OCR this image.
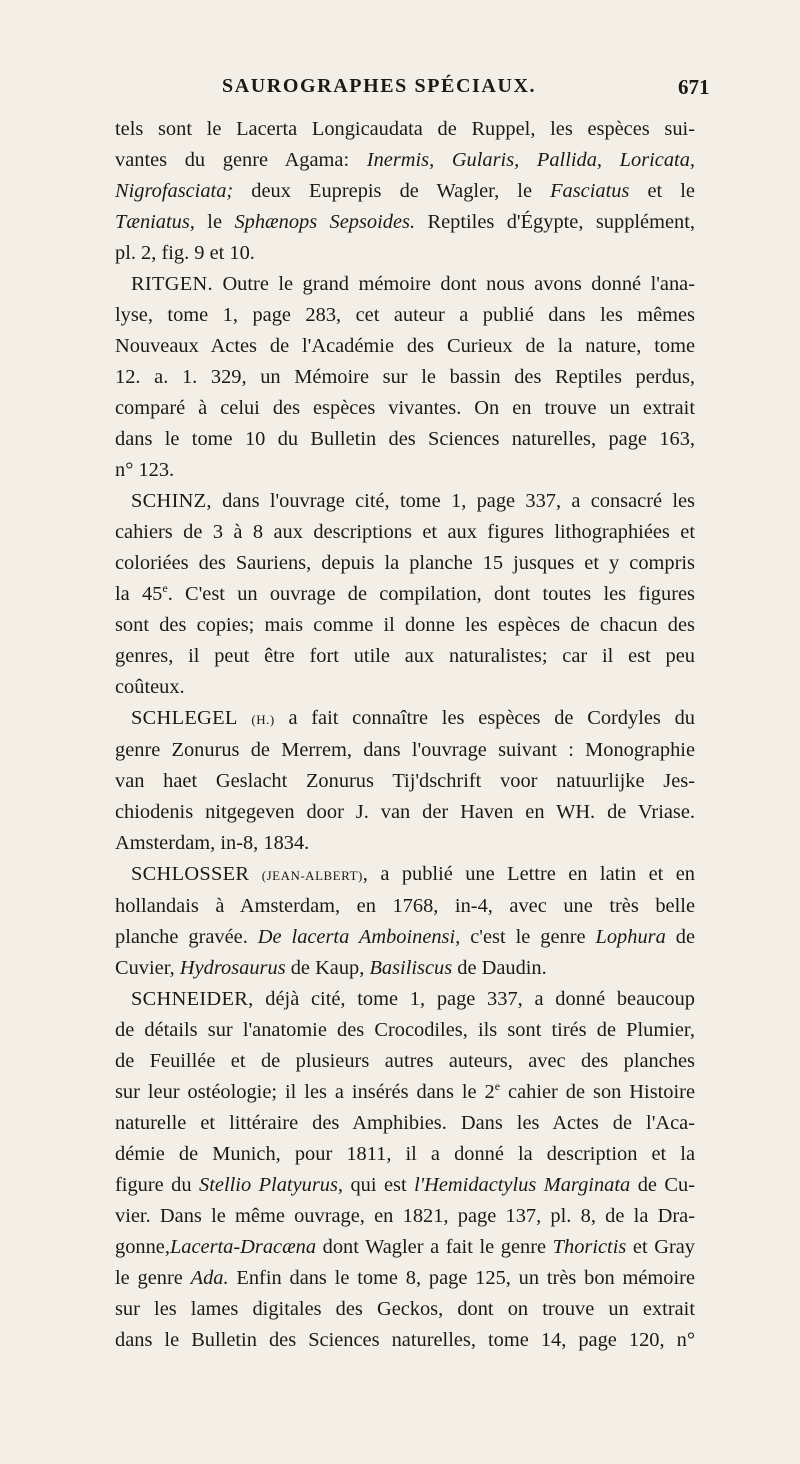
SAUROGRAPHES SPÉCIAUX.	671
tels sont le Lacerta Longicaudata de Ruppel, les espèces sui-
vantes du genre Agama: Inermis, Gularis, Pallida, Loricata,
Nigrofasciata; deux Euprepis de Wagler, le Fasciatus et le
Tæniatus, le Sphænops Sepsoides. Reptiles d'Égypte, supplément,
pl. 2, fig. 9 et 10.
RITGEN. Outre le grand mémoire dont nous avons donné l'ana-
lyse, tome 1, page 283, cet auteur a publié dans les mêmes
Nouveaux Actes de l'Académie des Curieux de la nature, tome
12. a. 1. 329, un Mémoire sur le bassin des Reptiles perdus,
comparé à celui des espèces vivantes. On en trouve un extrait
dans le tome 10 du Bulletin des Sciences naturelles, page 163,
n° 123.
SCHINZ, dans l'ouvrage cité, tome 1, page 337, a consacré les
cahiers de 3 à 8 aux descriptions et aux figures lithographiées et
coloriées des Sauriens, depuis la planche 15 jusques et y compris
la 45e. C'est un ouvrage de compilation, dont toutes les figures
sont des copies; mais comme il donne les espèces de chacun des
genres, il peut être fort utile aux naturalistes; car il est peu
coûteux.
SCHLEGEL (H.) a fait connaître les espèces de Cordyles du
genre Zonurus de Merrem, dans l'ouvrage suivant : Monographie
van haet Geslacht Zonurus Tij'dschrift voor natuurlijke Jes-
chiodenis nitgegeven door J. van der Haven en WH. de Vriase.
Amsterdam, in-8, 1834.
SCHLOSSER (JEAN-ALBERT), a publié une Lettre en latin et en
hollandais à Amsterdam, en 1768, in-4, avec une très belle
planche gravée. De lacerta Amboinensi, c'est le genre Lophura de
Cuvier, Hydrosaurus de Kaup, Basiliscus de Daudin.
SCHNEIDER, déjà cité, tome 1, page 337, a donné beaucoup
de détails sur l'anatomie des Crocodiles, ils sont tirés de Plumier,
de Feuillée et de plusieurs autres auteurs, avec des planches
sur leur ostéologie; il les a insérés dans le 2e cahier de son Histoire
naturelle et littéraire des Amphibies. Dans les Actes de l'Aca-
démie de Munich, pour 1811, il a donné la description et la
figure du Stellio Platyurus, qui est l'Hemidactylus Marginata de Cu-
vier. Dans le même ouvrage, en 1821, page 137, pl. 8, de la Dra-
gonne,Lacerta-Dracæna dont Wagler a fait le genre Thorictis et Gray
le genre Ada. Enfin dans le tome 8, page 125, un très bon mémoire
sur les lames digitales des Geckos, dont on trouve un extrait
dans le Bulletin des Sciences naturelles, tome 14, page 120, n°
